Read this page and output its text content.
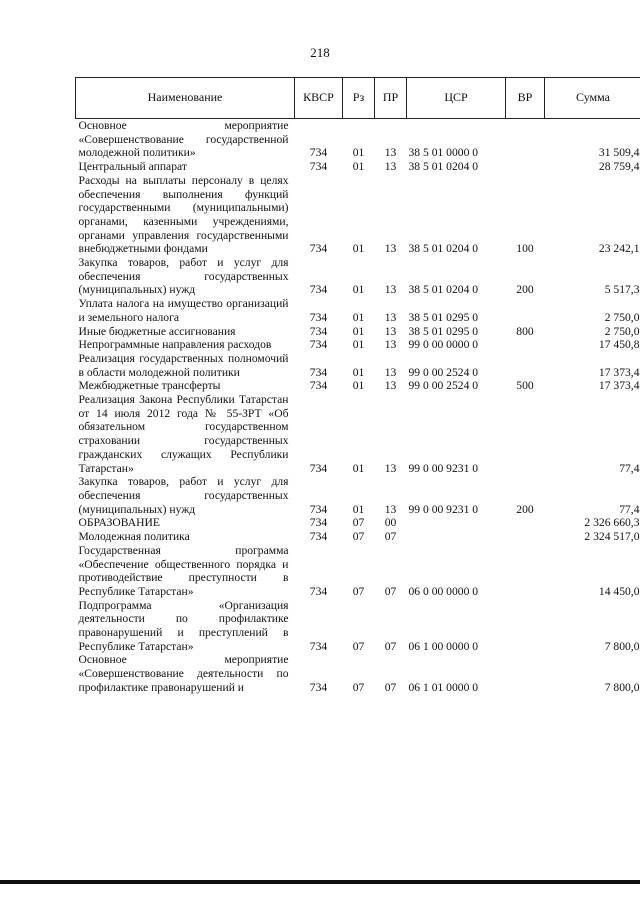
218
Наименование	КВСР	Рз	ПР	ЦСР	ВР	Сумма
Основное мероприятие «Совершенствование государственной молодежной политики»	734	01	13	38 5 01 0000 0		31 509,4
Центральный аппарат	734	01	13	38 5 01 0204 0		28 759,4
Расходы на выплаты персоналу в целях обеспечения выполнения функций государственными (муниципальными) органами, казенными учреждениями, органами управления государственными внебюджетными фондами	734	01	13	38 5 01 0204 0	100	23 242,1
Закупка товаров, работ и услуг для обеспечения государственных (муниципальных) нужд	734	01	13	38 5 01 0204 0	200	5 517,3
Уплата налога на имущество организаций и земельного налога	734	01	13	38 5 01 0295 0		2 750,0
Иные бюджетные ассигнования	734	01	13	38 5 01 0295 0	800	2 750,0
Непрограммные направления расходов	734	01	13	99 0 00 0000 0		17 450,8
Реализация государственных полномочий в области молодежной политики	734	01	13	99 0 00 2524 0		17 373,4
Межбюджетные трансферты	734	01	13	99 0 00 2524 0	500	17 373,4
Реализация Закона Республики Татарстан от 14 июля 2012 года № 55-ЗРТ «Об обязательном государственном страховании государственных гражданских служащих Республики Татарстан»	734	01	13	99 0 00 9231 0		77,4
Закупка товаров, работ и услуг для обеспечения государственных (муниципальных) нужд	734	01	13	99 0 00 9231 0	200	77,4
ОБРАЗОВАНИЕ	734	07	00			2 326 660,3
Молодежная политика	734	07	07			2 324 517,0
Государственная программа «Обеспечение общественного порядка и противодействие преступности в Республике Татарстан»	734	07	07	06 0 00 0000 0		14 450,0
Подпрограмма «Организация деятельности по профилактике правонарушений и преступлений в Республике Татарстан»	734	07	07	06 1 00 0000 0		7 800,0
Основное мероприятие «Совершенствование деятельности по профилактике правонарушений и	734	07	07	06 1 01 0000 0		7 800,0
